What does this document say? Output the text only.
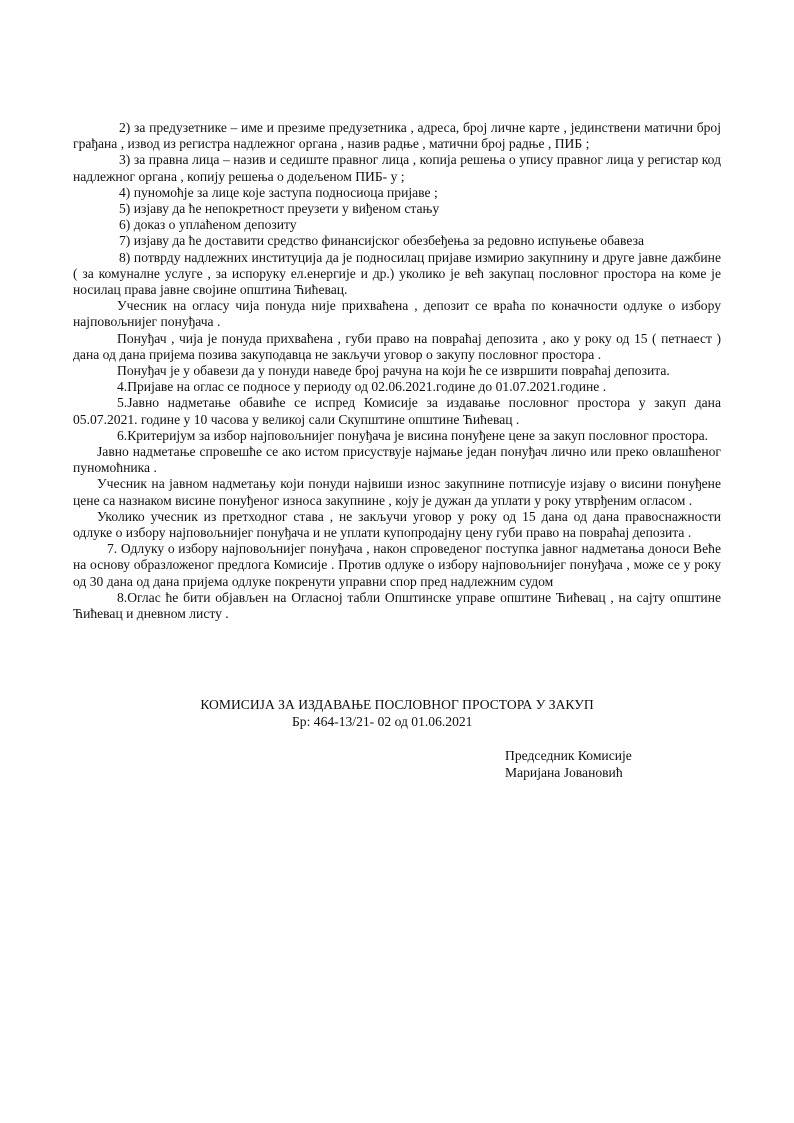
2) за предузетнике – име и презиме предузетника , адреса, број личне карте , јединствени матични број грађана , извод из регистра надлежног органа , назив радње , матични број радње , ПИБ ;

3) за правна лица – назив и седиште правног лица , копија решења о упису правног лица у регистар код надлежног органа , копију решења о додељеном ПИБ- у ;

4) пуномоћје за лице које заступа подносиоца пријаве ;

5) изјаву да ће непокретност преузети у виђеном стању

6) доказ о уплаћеном депозиту

7) изјаву да ће доставити средство финансијског обезбеђења за редовно испуњење обавеза

8) потврду надлежних институција да је подносилац пријаве измирио закупнину и друге јавне дажбине ( за комуналне услуге , за испоруку ел.енергије и др.) уколико је већ закупац пословног простора на коме је носилац права јавне својине општина Ћићевац.

Учесник на огласу чија понуда није прихваћена , депозит се враћа по коначности одлуке о избору најповољнијег понуђача .

Понуђач , чија је понуда прихваћена , губи право на повраћај депозита , ако у року од 15 ( петнаест ) дана од дана пријема позива закуподавца не закључи уговор о закупу пословног простора .

Понуђач је у обавези да у понуди наведе број рачуна на који ће се извршити повраћај депозита.

4.Пријаве на оглас се подносе у периоду од 02.06.2021.године до 01.07.2021.године .

5.Јавно надметање обавиће се испред Комисије за издавање пословног простора у закуп дана 05.07.2021. године у 10 часова у великој сали Скупштине општине Ћићевац .

6.Критеријум за избор најповољнијег понуђача је висина понуђене цене за закуп пословног простора.

Јавно надметање спровешће се ако истом присуствује најмање један понуђач лично или преко овлашћеног пуномоћника .

Учесник на јавном надметању који понуди највиши износ закупнине потписује изјаву о висини понуђене цене са назнаком висине понуђеног износа закупнине , коју је дужан да уплати у року утврђеним огласом .

Уколико учесник из претходног става , не закључи уговор у року од 15 дана од дана правоснажности одлуке о избору најповољнијег понуђача и не уплати купопродајну цену губи право на повраћај депозита .

7. Одлуку о избору најповољнијег понуђача , након спроведеног поступка јавног надметања доноси Веће на основу образложеног предлога Комисије . Против одлуке о избору најповољнијег понуђача , може се у року од 30 дана од дана пријема одлуке покренути управни спор пред надлежним судом

8.Оглас ће бити објављен на Огласној табли Општинске управе општине Ћићевац , на сајту општине Ћићевац и дневном листу .

КОМИСИЈА ЗА ИЗДАВАЊЕ ПОСЛОВНОГ ПРОСТОРА У ЗАКУП
Бр: 464-13/21- 02 од 01.06.2021
Председник Комисије
Маријана Јовановић
